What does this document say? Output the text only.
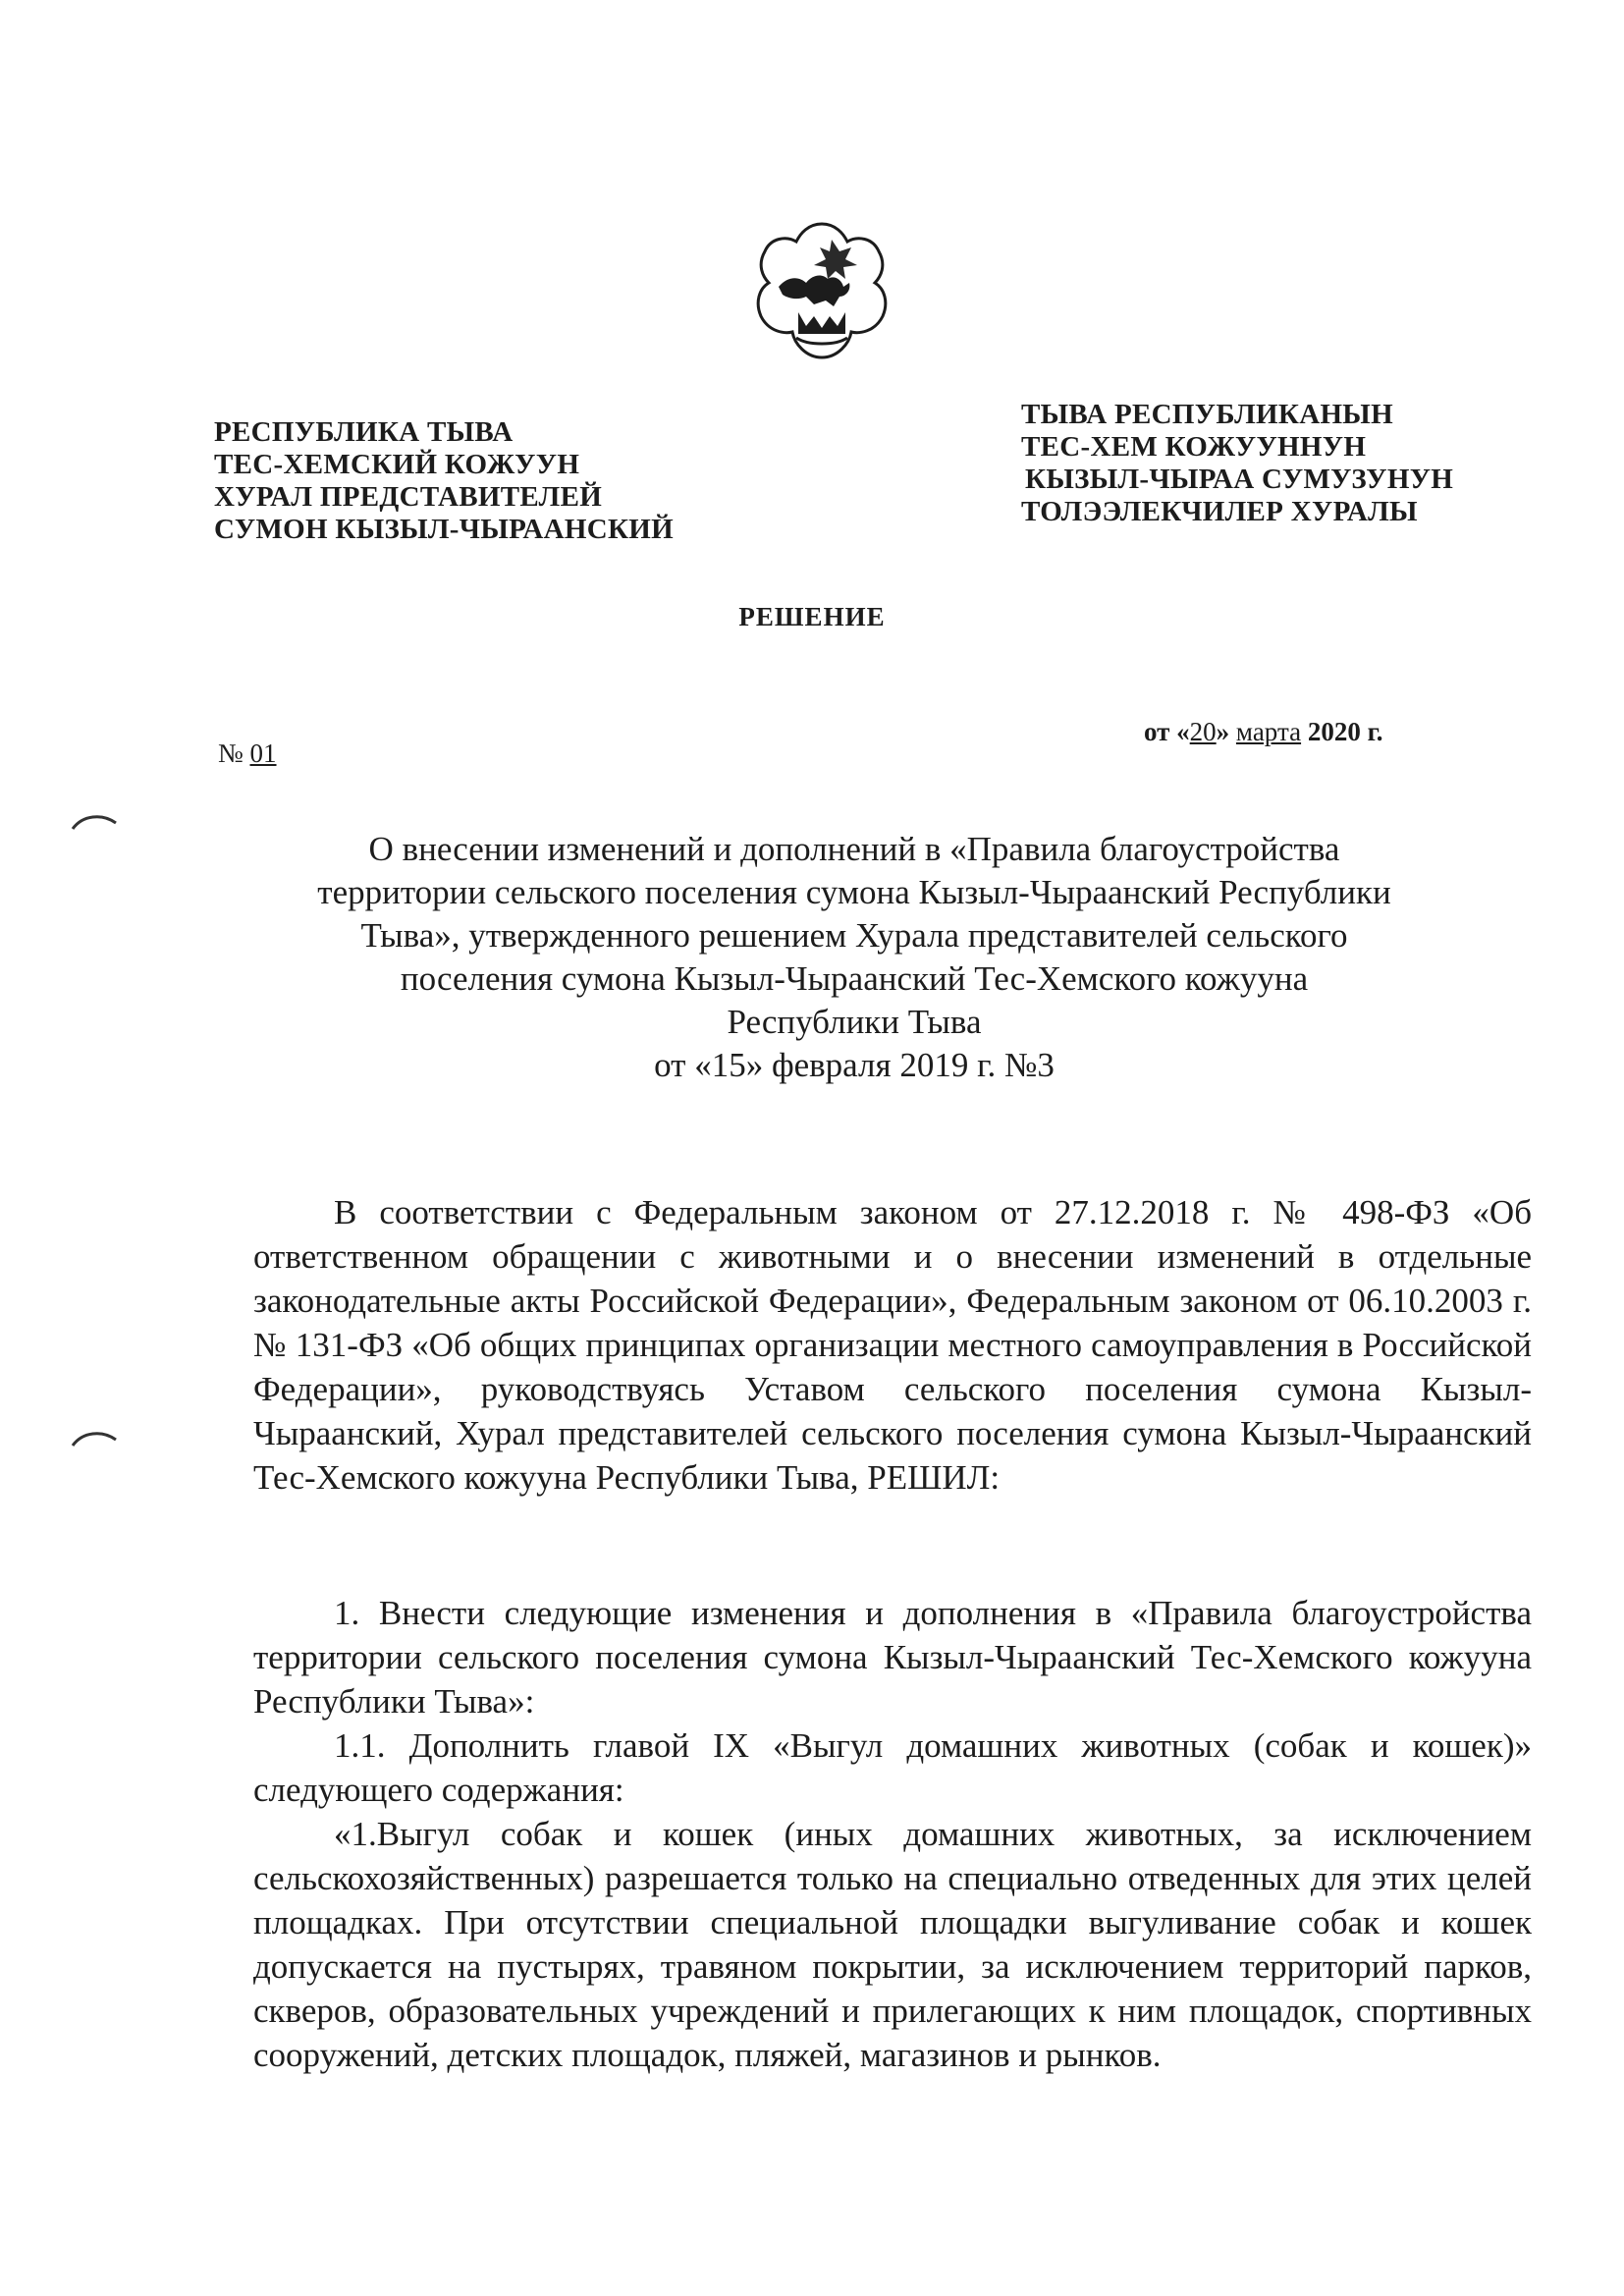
РЕСПУБЛИКА ТЫВА
ТЕС-ХЕМСКИЙ КОЖУУН
ХУРАЛ ПРЕДСТАВИТЕЛЕЙ
СУМОН КЫЗЫЛ-ЧЫРААНСКИЙ
ТЫВА РЕСПУБЛИКАНЫН
ТЕС-ХЕМ КОЖУУННУН
КЫЗЫЛ-ЧЫРАА СУМУЗУНУН
ТОЛЭЭЛЕКЧИЛЕР ХУРАЛЫ
РЕШЕНИЕ
№ 01
от «20» марта 2020 г.
О внесении изменений и дополнений в «Правила благоустройства
территории сельского поселения сумона Кызыл-Чыраанский Республики
Тыва», утвержденного решением Хурала представителей сельского
поселения сумона Кызыл-Чыраанский Тес-Хемского кожууна
Республики Тыва
от «15» февраля 2019 г. №3

В соответствии с Федеральным законом от 27.12.2018 г. № 498-ФЗ «Об ответственном обращении с животными и о внесении изменений в отдельные законодательные акты Российской Федерации», Федеральным законом от 06.10.2003 г. № 131-ФЗ «Об общих принципах организации местного самоуправления в Российской Федерации», руководствуясь Уставом сельского поселения сумона Кызыл-Чыраанский, Хурал представителей сельского поселения сумона Кызыл-Чыраанский Тес-Хемского кожууна Республики Тыва, РЕШИЛ:

1. Внести следующие изменения и дополнения в «Правила благоустройства территории сельского поселения сумона Кызыл-Чыраанский Тес-Хемского кожууна Республики Тыва»:

1.1. Дополнить главой IX «Выгул домашних животных (собак и кошек)» следующего содержания:

«1.Выгул собак и кошек (иных домашних животных, за исключением сельскохозяйственных) разрешается только на специально отведенных для этих целей площадках. При отсутствии специальной площадки выгуливание собак и кошек допускается на пустырях, травяном покрытии, за исключением территорий парков, скверов, образовательных учреждений и прилегающих к ним площадок, спортивных сооружений, детских площадок, пляжей, магазинов и рынков.
